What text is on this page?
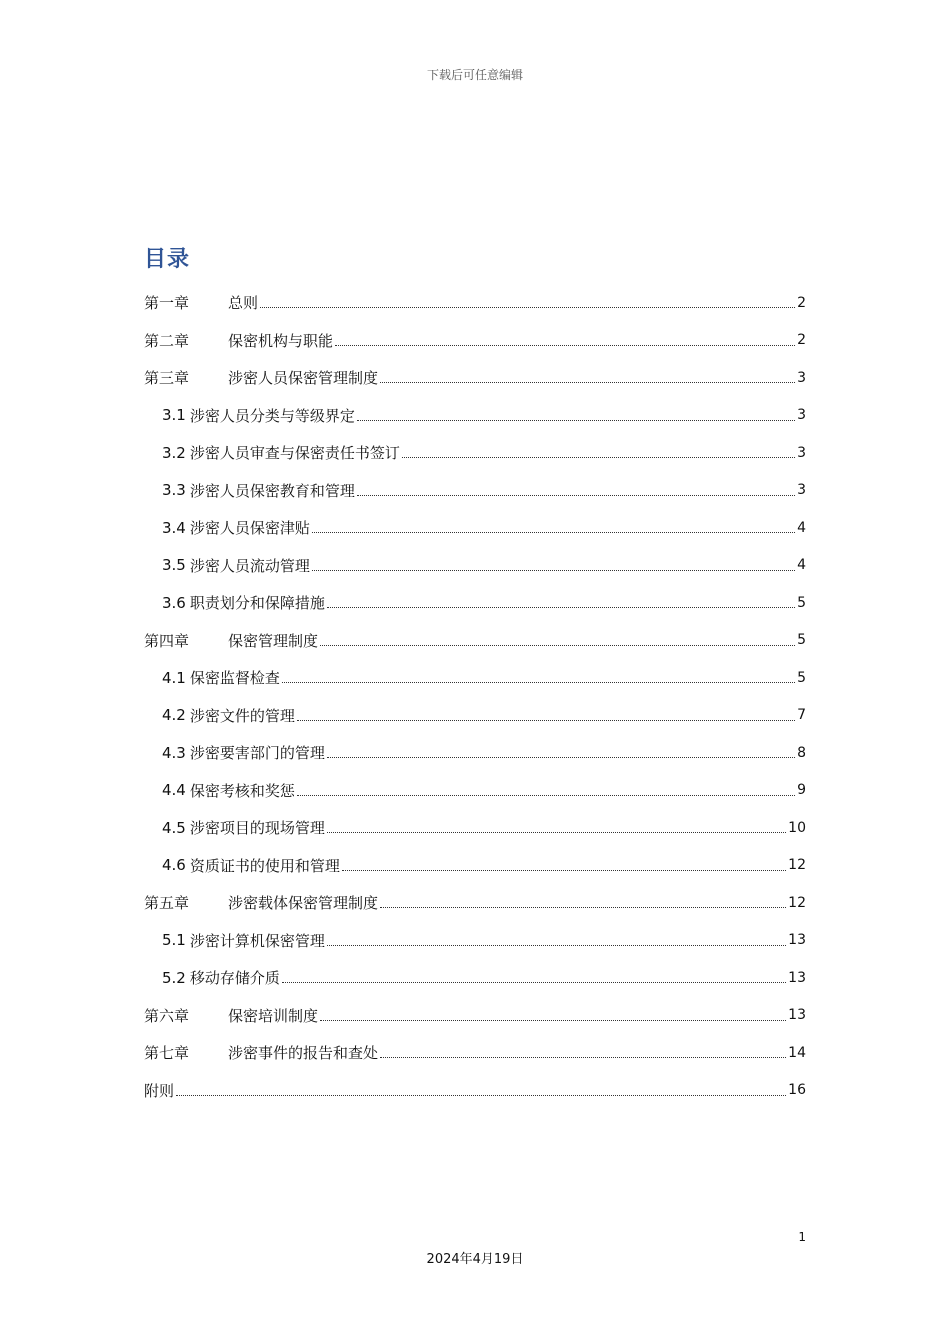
下载后可任意编辑
目录
第一章	总则	2
第二章	保密机构与职能	2
第三章	涉密人员保密管理制度	3
3.1 涉密人员分类与等级界定	3
3.2 涉密人员审查与保密责任书签订	3
3.3 涉密人员保密教育和管理	3
3.4 涉密人员保密津贴	4
3.5 涉密人员流动管理	4
3.6 职责划分和保障措施	5
第四章	保密管理制度	5
4.1 保密监督检查	5
4.2 涉密文件的管理	7
4.3 涉密要害部门的管理	8
4.4 保密考核和奖惩	9
4.5 涉密项目的现场管理	10
4.6 资质证书的使用和管理	12
第五章	涉密载体保密管理制度	12
5.1 涉密计算机保密管理	13
5.2 移动存储介质	13
第六章	保密培训制度	13
第七章	涉密事件的报告和查处	14
附则	16
1
2024年4月19日
